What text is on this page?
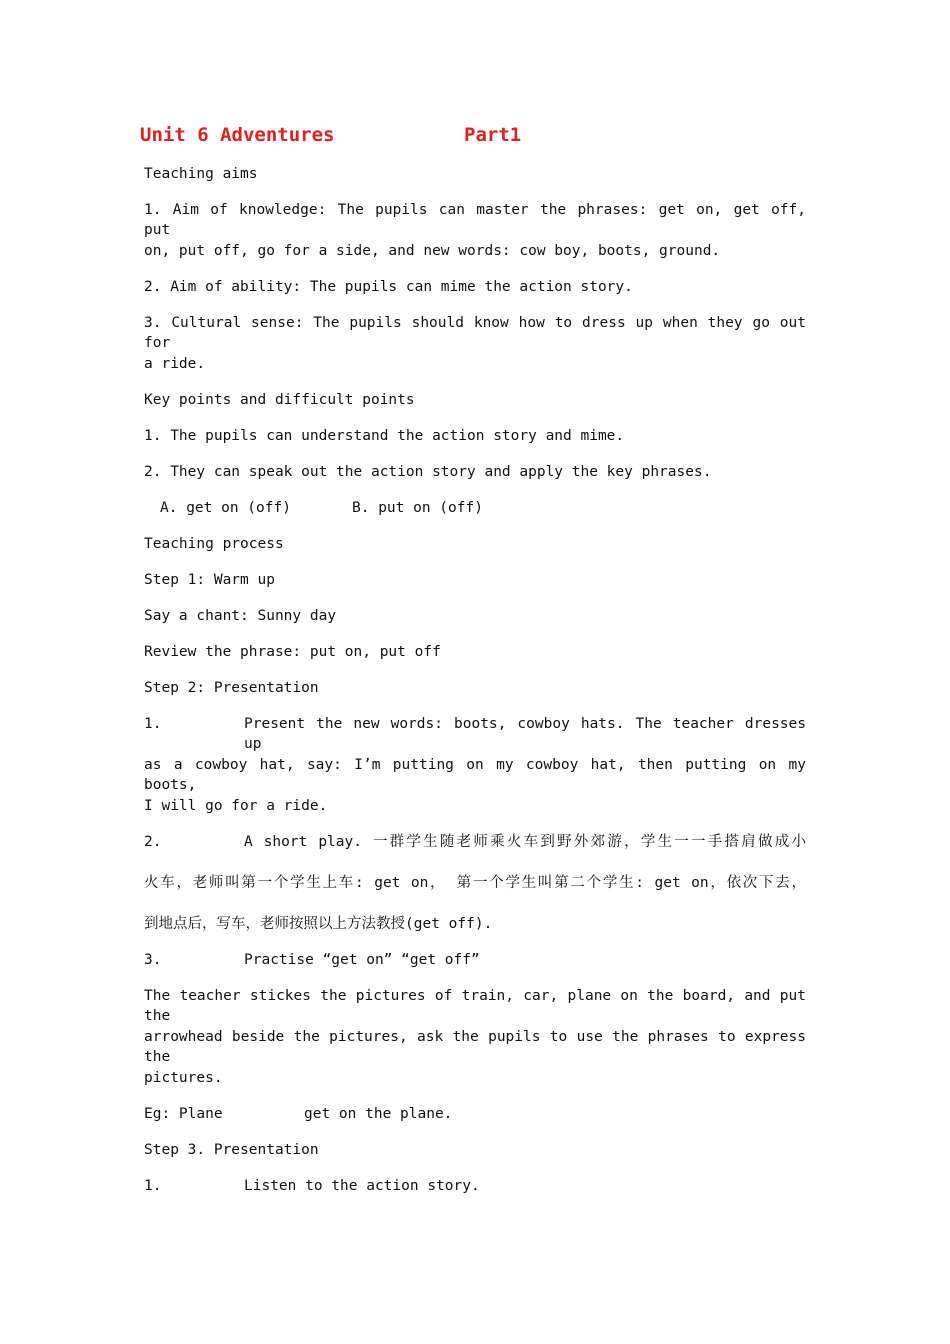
Unit 6 Adventures	Part1
Teaching aims
1. Aim of knowledge: The pupils can master the phrases: get on, get off, put
on, put off, go for a side, and new words: cow boy, boots, ground.
2. Aim of ability: The pupils can mime the action story.
3. Cultural sense: The pupils should know how to dress up when they go out for
a ride.
Key points and difficult points
1. The pupils can understand the action story and mime.
2. They can speak out the action story and apply the key phrases.
A. get on (off)	B. put on (off)
Teaching process
Step 1: Warm up
Say a chant: Sunny day
Review the phrase: put on, put off
Step 2: Presentation
1.	Present the new words: boots, cowboy hats. The teacher dresses up
as a cowboy hat, say: I’m putting on my cowboy hat, then putting on my boots,
I will go for a ride.
2.	A short play. 一群学生随老师乘火车到野外郊游，学生一一手搭肩做成小
火车，老师叫第一个学生上车: get on， 第一个学生叫第二个学生: get on，依次下去，
到地点后，写车，老师按照以上方法教授(get off).
3.	Practise “get on” “get off”
The teacher stickes the pictures of train, car, plane on the board, and put the
arrowhead beside the pictures, ask the pupils to use the phrases to express the
pictures.
Eg: Plane	get on the plane.
Step 3. Presentation
1.	Listen to the action story.
